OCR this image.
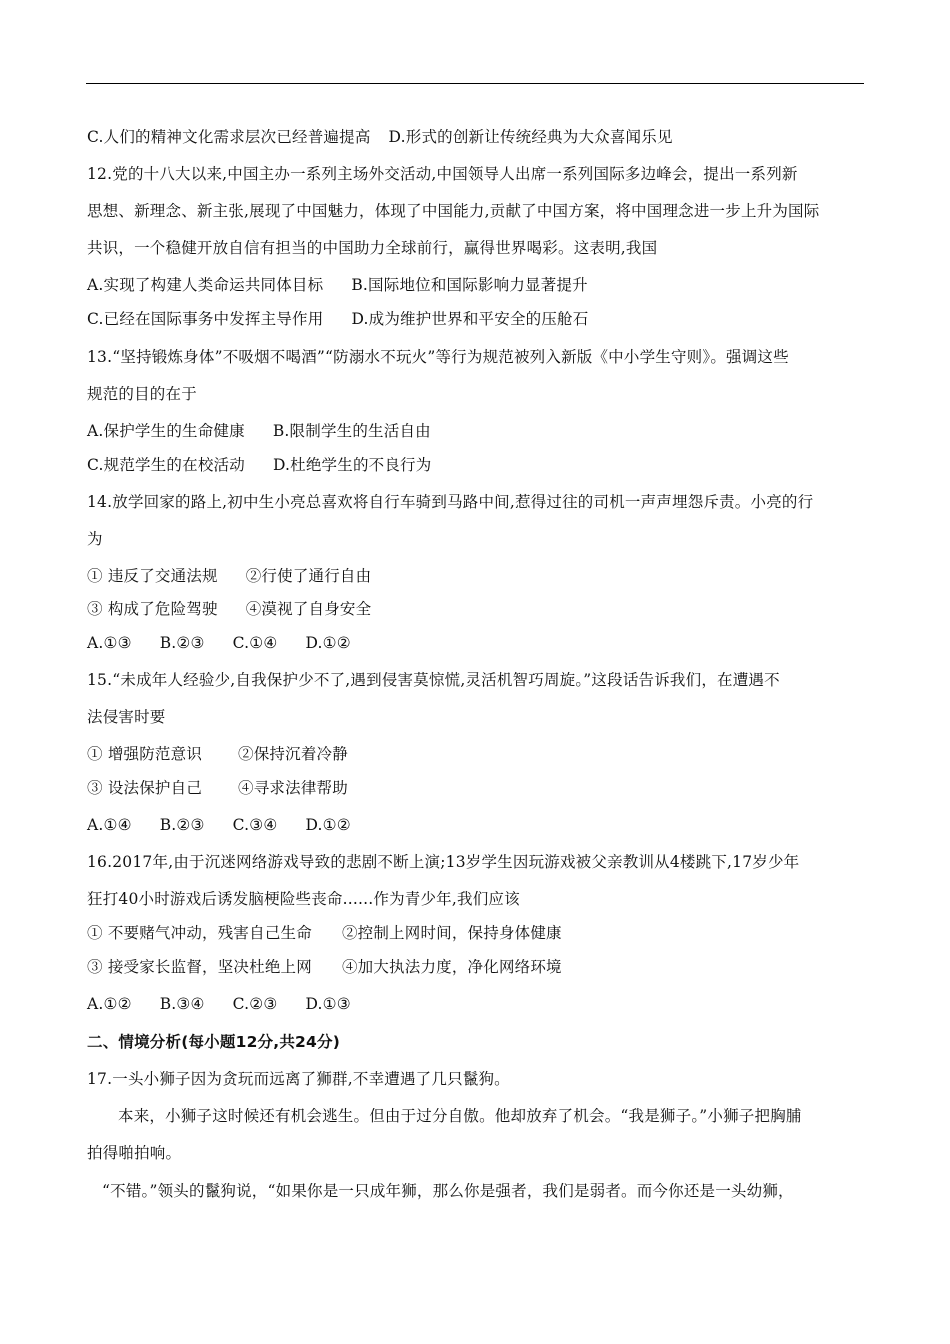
C.人们的精神文化需求层次已经普遍提高 D.形式的创新让传统经典为大众喜闻乐见
12.党的十八大以来,中国主办一系列主场外交活动,中国领导人出席一系列国际多边峰会，提出一系列新
思想、新理念、新主张,展现了中国魅力，体现了中国能力,贡献了中国方案，将中国理念进一步上升为国际
共识，一个稳健开放自信有担当的中国助力全球前行，赢得世界喝彩。这表明,我国
A.实现了构建人类命运共同体目标 B.国际地位和国际影响力显著提升
C.已经在国际事务中发挥主导作用 D.成为维护世界和平安全的压舱石
13.“坚持锻炼身体”不吸烟不喝酒”“防溺水不玩火”等行为规范被列入新版《中小学生守则》。强调这些
规范的目的在于
A.保护学生的生命健康 B.限制学生的生活自由
C.规范学生的在校活动 D.杜绝学生的不良行为
14.放学回家的路上,初中生小亮总喜欢将自行车骑到马路中间,惹得过往的司机一声声埋怨斥责。小亮的行
为
① 违反了交通法规 ②行使了通行自由
③ 构成了危险驾驶 ④漠视了自身安全
A.①③ B.②③ C.①④ D.①②
15.“未成年人经验少,自我保护少不了,遇到侵害莫惊慌,灵活机智巧周旋。”这段话告诉我们，在遭遇不
法侵害时要
① 增强防范意识 ②保持沉着冷静
③ 设法保护自己 ④寻求法律帮助
A.①④ B.②③ C.③④ D.①②
16.2017年,由于沉迷网络游戏导致的悲剧不断上演;13岁学生因玩游戏被父亲教训从4楼跳下,17岁少年
狂打40小时游戏后诱发脑梗险些丧命......作为青少年,我们应该
① 不要赌气冲动，残害自己生命 ②控制上网时间，保持身体健康
③ 接受家长监督，坚决杜绝上网 ④加大执法力度，净化网络环境
A.①② B.③④ C.②③ D.①③
二、情境分析(每小题12分,共24分)
17.一头小狮子因为贪玩而远离了狮群,不幸遭遇了几只鬣狗。
本来，小狮子这时候还有机会逃生。但由于过分自傲。他却放弃了机会。“我是狮子。”小狮子把胸脯
拍得啪拍响。
“不错。”领头的鬣狗说，“如果你是一只成年狮，那么你是强者，我们是弱者。而今你还是一头幼狮，
